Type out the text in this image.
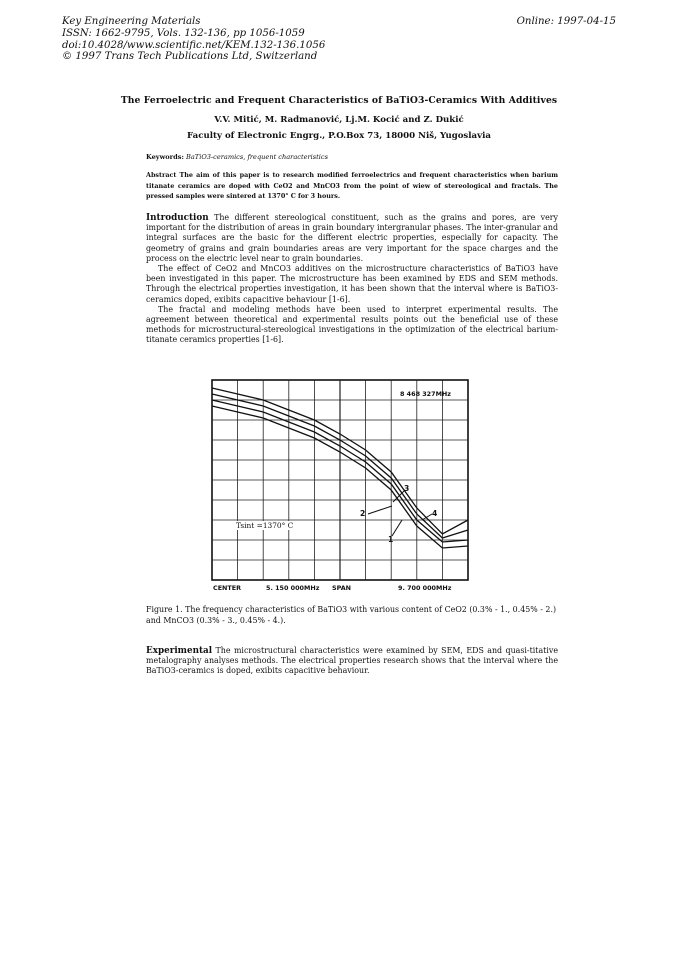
Key Engineering Materials
ISSN: 1662-9795, Vols. 132-136, pp 1056-1059
doi:10.4028/www.scientific.net/KEM.132-136.1056
© 1997 Trans Tech Publications Ltd, Switzerland
Online: 1997-04-15
The Ferroelectric and Frequent Characteristics of BaTiO3-Ceramics With Additives
V.V. Mitić, M. Radmanović, Lj.M. Kocić and Z. Dukić
Faculty of Electronic Engrg., P.O.Box 73, 18000 Niš, Yugoslavia
Keywords: BaTiO3-ceramics, frequent characteristics
Abstract The aim of this paper is to research modified ferroelectrics and frequent characteristics when barium titanate ceramics are doped with CeO2 and MnCO3 from the point of wiew of stereological and fractals. The pressed samples were sintered at 1370° C for 3 hours.

Introduction The different stereological constituent, such as the grains and pores, are very important for the distribution of areas in grain boundary intergranular phases. The inter-granular and integral surfaces are the basic for the different electric properties, especially for capacity. The geometry of grains and grain boundaries areas are very important for the space charges and the process on the electric level near to grain boundaries.

The effect of CeO2 and MnCO3 additives on the microstructure characteristics of BaTiO3 have been investigated in this paper. The microstructure has been examined by EDS and SEM methods. Through the electrical properties investigation, it has been shown that the interval where is BaTiO3-ceramics doped, exibits capacitive behaviour [1-6].

The fractal and modeling methods have been used to interpret experimental results. The agreement between theoretical and experimental results points out the beneficial use of these methods for microstructural-stereological investigations in the optimization of the electrical barium-titanate ceramics properties [1-6].

8 468 327MHz
Tsint =1370° C
CENTER	5. 150 000MHz SPAN	9. 700 000MHz
3
2	4
1
Figure 1. The frequency characteristics of BaTiO3 with various content of CeO2 (0.3% - 1., 0.45% - 2.) and MnCO3 (0.3% - 3., 0.45% - 4.).

Experimental The microstructural characteristics were examined by SEM, EDS and quasi-titative metalography analyses methods. The electrical properties research shows that the interval where the BaTiO3-ceramics is doped, exibits capacitive behaviour.
